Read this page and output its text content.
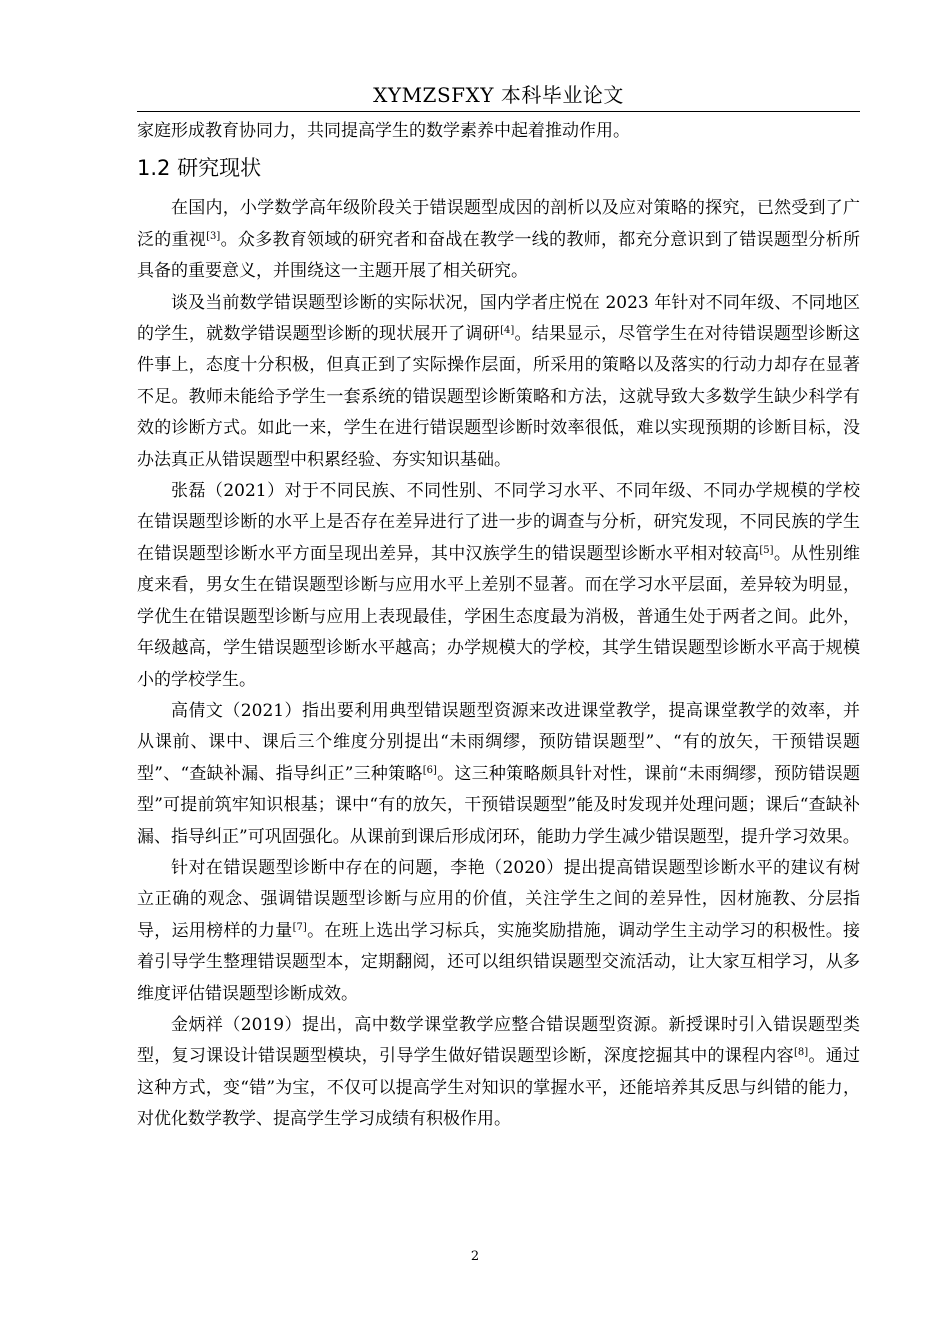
XYMZSFXY 本科毕业论文

家庭形成教育协同力，共同提高学生的数学素养中起着推动作用。

1.2 研究现状

在国内，小学数学高年级阶段关于错误题型成因的剖析以及应对策略的探究，已然受到了广泛的重视[3]。众多教育领域的研究者和奋战在教学一线的教师，都充分意识到了错误题型分析所具备的重要意义，并围绕这一主题开展了相关研究。

谈及当前数学错误题型诊断的实际状况，国内学者庄悦在 2023 年针对不同年级、不同地区的学生，就数学错误题型诊断的现状展开了调研[4]。结果显示，尽管学生在对待错误题型诊断这件事上，态度十分积极，但真正到了实际操作层面，所采用的策略以及落实的行动力却存在显著不足。教师未能给予学生一套系统的错误题型诊断策略和方法，这就导致大多数学生缺少科学有效的诊断方式。如此一来，学生在进行错误题型诊断时效率很低，难以实现预期的诊断目标，没办法真正从错误题型中积累经验、夯实知识基础。

张磊（2021）对于不同民族、不同性别、不同学习水平、不同年级、不同办学规模的学校在错误题型诊断的水平上是否存在差异进行了进一步的调查与分析，研究发现，不同民族的学生在错误题型诊断水平方面呈现出差异，其中汉族学生的错误题型诊断水平相对较高[5]。从性别维度来看，男女生在错误题型诊断与应用水平上差别不显著。而在学习水平层面，差异较为明显，学优生在错误题型诊断与应用上表现最佳，学困生态度最为消极，普通生处于两者之间。此外，年级越高，学生错误题型诊断水平越高；办学规模大的学校，其学生错误题型诊断水平高于规模小的学校学生。

高倩文（2021）指出要利用典型错误题型资源来改进课堂教学，提高课堂教学的效率，并从课前、课中、课后三个维度分别提出“未雨绸缪，预防错误题型”、“有的放矢，干预错误题型”、“查缺补漏、指导纠正”三种策略[6]。这三种策略颇具针对性，课前“未雨绸缪，预防错误题型”可提前筑牢知识根基；课中“有的放矢，干预错误题型”能及时发现并处理问题；课后“查缺补漏、指导纠正”可巩固强化。从课前到课后形成闭环，能助力学生减少错误题型，提升学习效果。

针对在错误题型诊断中存在的问题，李艳（2020）提出提高错误题型诊断水平的建议有树立正确的观念、强调错误题型诊断与应用的价值，关注学生之间的差异性，因材施教、分层指导，运用榜样的力量[7]。在班上选出学习标兵，实施奖励措施，调动学生主动学习的积极性。接着引导学生整理错误题型本，定期翻阅，还可以组织错误题型交流活动，让大家互相学习，从多维度评估错误题型诊断成效。

金炳祥（2019）提出，高中数学课堂教学应整合错误题型资源。新授课时引入错误题型类型，复习课设计错误题型模块，引导学生做好错误题型诊断，深度挖掘其中的课程内容[8]。通过这种方式，变“错”为宝，不仅可以提高学生对知识的掌握水平，还能培养其反思与纠错的能力，对优化数学教学、提高学生学习成绩有积极作用。

2
